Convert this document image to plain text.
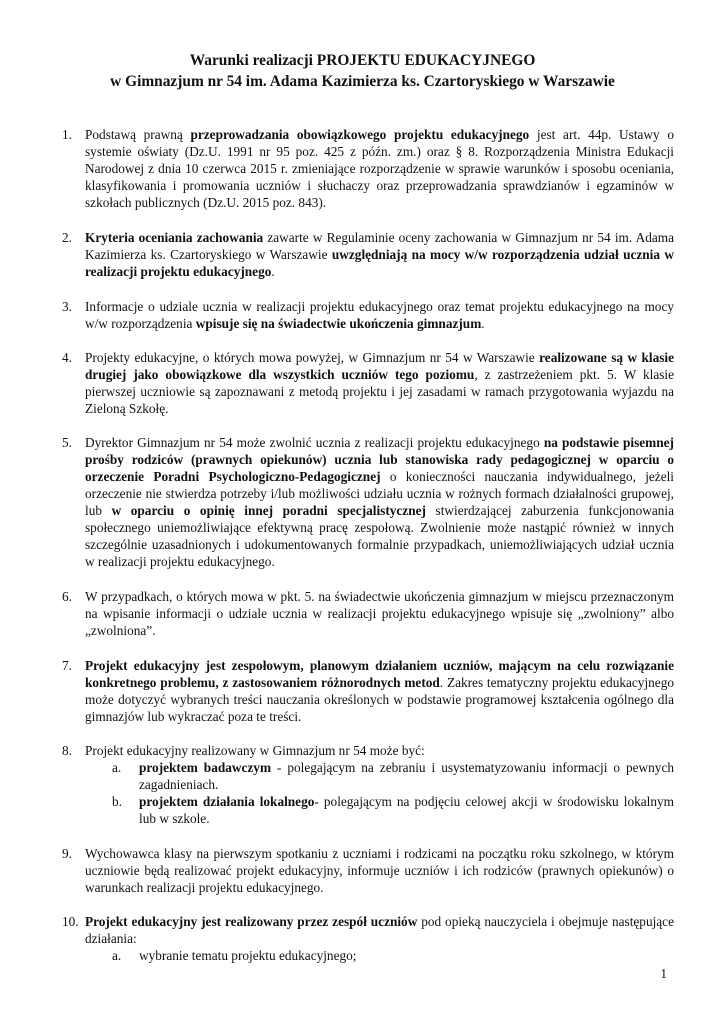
Warunki realizacji PROJEKTU EDUKACYJNEGO
w Gimnazjum nr 54 im. Adama Kazimierza ks. Czartoryskiego w Warszawie
1. Podstawą prawną przeprowadzania obowiązkowego projektu edukacyjnego jest art. 44p. Ustawy o systemie oświaty (Dz.U. 1991 nr 95 poz. 425 z późn. zm.) oraz § 8. Rozporządzenia Ministra Edukacji Narodowej z dnia 10 czerwca 2015 r. zmieniające rozporządzenie w sprawie warunków i sposobu oceniania, klasyfikowania i promowania uczniów i słuchaczy oraz przeprowadzania sprawdzianów i egzaminów w szkołach publicznych (Dz.U. 2015 poz. 843).
2. Kryteria oceniania zachowania zawarte w Regulaminie oceny zachowania w Gimnazjum nr 54 im. Adama Kazimierza ks. Czartoryskiego w Warszawie uwzględniają na mocy w/w rozporządzenia udział ucznia w realizacji projektu edukacyjnego.
3. Informacje o udziale ucznia w realizacji projektu edukacyjnego oraz temat projektu edukacyjnego na mocy w/w rozporządzenia wpisuje się na świadectwie ukończenia gimnazjum.
4. Projekty edukacyjne, o których mowa powyżej, w Gimnazjum nr 54 w Warszawie realizowane są w klasie drugiej jako obowiązkowe dla wszystkich uczniów tego poziomu, z zastrzeżeniem pkt. 5. W klasie pierwszej uczniowie są zapoznawani z metodą projektu i jej zasadami w ramach przygotowania wyjazdu na Zieloną Szkołę.
5. Dyrektor Gimnazjum nr 54 może zwolnić ucznia z realizacji projektu edukacyjnego na podstawie pisemnej prośby rodziców (prawnych opiekunów) ucznia lub stanowiska rady pedagogicznej w oparciu o orzeczenie Poradni Psychologiczno-Pedagogicznej o konieczności nauczania indywidualnego, jeżeli orzeczenie nie stwierdza potrzeby i/lub możliwości udziału ucznia w rożnych formach działalności grupowej, lub w oparciu o opinię innej poradni specjalistycznej stwierdzającej zaburzenia funkcjonowania społecznego uniemożliwiające efektywną pracę zespołową. Zwolnienie może nastąpić również w innych szczególnie uzasadnionych i udokumentowanych formalnie przypadkach, uniemożliwiających udział ucznia w realizacji projektu edukacyjnego.
6. W przypadkach, o których mowa w pkt. 5. na świadectwie ukończenia gimnazjum w miejscu przeznaczonym na wpisanie informacji o udziale ucznia w realizacji projektu edukacyjnego wpisuje się „zwolniony” albo „zwolniona”.
7. Projekt edukacyjny jest zespołowym, planowym działaniem uczniów, mającym na celu rozwiązanie konkretnego problemu, z zastosowaniem różnorodnych metod. Zakres tematyczny projektu edukacyjnego może dotyczyć wybranych treści nauczania określonych w podstawie programowej kształcenia ogólnego dla gimnazjów lub wykraczać poza te treści.
8. Projekt edukacyjny realizowany w Gimnazjum nr 54 może być:
a. projektem badawczym - polegającym na zebraniu i usystematyzowaniu informacji o pewnych zagadnieniach.
b. projektem działania lokalnego- polegającym na podjęciu celowej akcji w środowisku lokalnym lub w szkole.
9. Wychowawca klasy na pierwszym spotkaniu z uczniami i rodzicami na początku roku szkolnego, w którym uczniowie będą realizować projekt edukacyjny, informuje uczniów i ich rodziców (prawnych opiekunów) o warunkach realizacji projektu edukacyjnego.
10. Projekt edukacyjny jest realizowany przez zespół uczniów pod opieką nauczyciela i obejmuje następujące działania:
a. wybranie tematu projektu edukacyjnego;
1
